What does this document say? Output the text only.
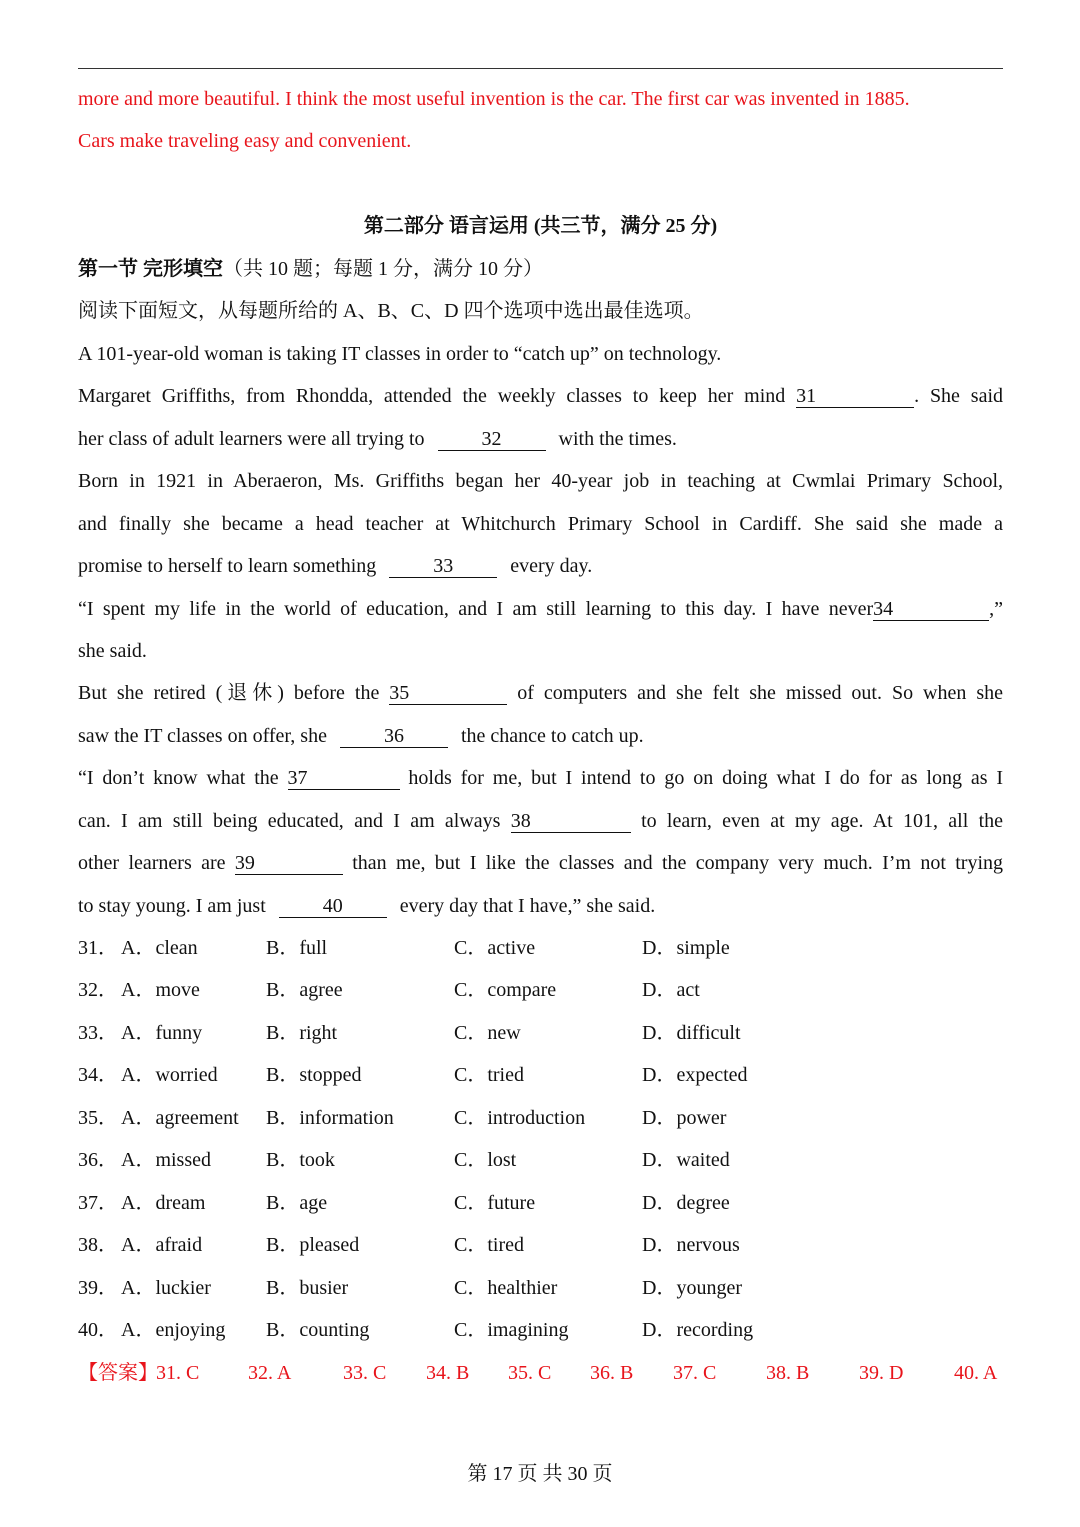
more and more beautiful. I think the most useful invention is the car. The first car was invented in 1885.
Cars make traveling easy and convenient.
第二部分 语言运用 (共三节，满分 25 分)
第一节 完形填空（共 10 题；每题 1 分，满分 10 分）
阅读下面短文，从每题所给的 A、B、C、D 四个选项中选出最佳选项。
A 101-year-old woman is taking IT classes in order to “catch up” on technology.
Margaret Griffiths, from Rhondda, attended the weekly classes to keep her mind 31	. She said
her class of adult learners were all trying to	32	with the times.
Born in 1921 in Aberaeron, Ms. Griffiths began her 40-year job in teaching at Cwmlai Primary School,
and finally she became a head teacher at Whitchurch Primary School in Cardiff. She said she made a
promise to herself to learn something	33	every day.
“I spent my life in the world of education, and I am still learning to this day. I have never34	,”
she said.
But she retired (退休) before the 35	of computers and she felt she missed out. So when she
saw the IT classes on offer, she	36	the chance to catch up.
“I don’t know what the 37	holds for me, but I intend to go on doing what I do for as long as I
can. I am still being educated, and I am always 38	to learn, even at my age. At 101, all the
other learners are 39	than me, but I like the classes and the company very much. I’m not trying
to stay young. I am just	40	every day that I have,” she said.
31． A．clean	B．full	C．active	D．simple
32． A．move	B．agree	C．compare	D．act
33． A．funny	B．right	C．new	D．difficult
34． A．worried B．stopped	C．tried	D．expected
35． A．agreement B．information	C．introduction	D．power
36． A．missed	B．took	C．lost	D．waited
37． A．dream	B．age	C．future	D．degree
38． A．afraid	B．pleased	C．tired	D．nervous
39． A．luckier	B．busier	C．healthier	D．younger
40． A．enjoying B．counting	C．imagining	D．recording
【答案】
31. C 32. A	33. C 34. B 35. C 36. B 37. C 38. B 39. D	40. A
第 17 页 共 30 页
